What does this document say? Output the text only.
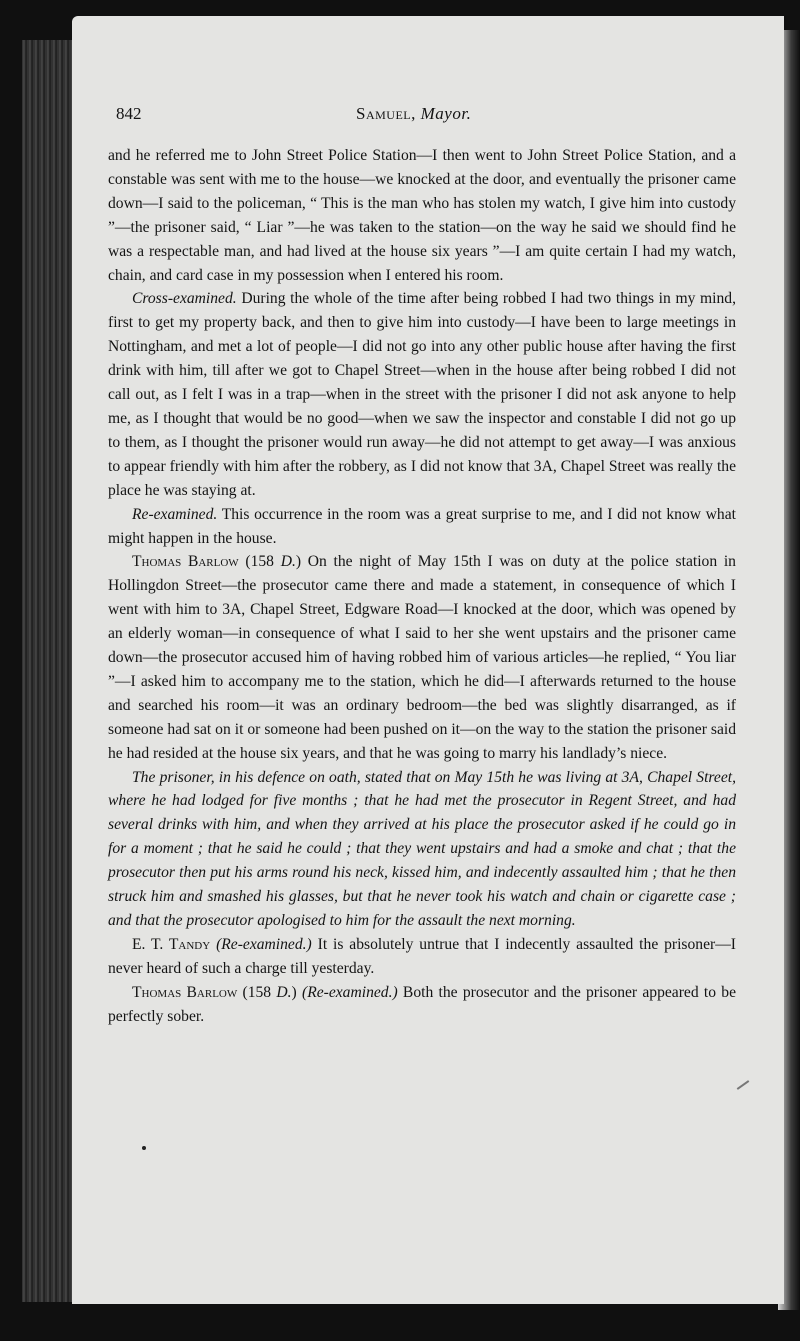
842	Samuel, Mayor.

and he referred me to John Street Police Station—I then went to John Street Police Station, and a constable was sent with me to the house—we knocked at the door, and eventually the prisoner came down—I said to the policeman, “ This is the man who has stolen my watch, I give him into custody ”—the prisoner said, “ Liar ”—he was taken to the station—on the way he said we should find he was a respectable man, and had lived at the house six years ”—I am quite certain I had my watch, chain, and card case in my possession when I entered his room.

Cross-examined. During the whole of the time after being robbed I had two things in my mind, first to get my property back, and then to give him into custody—I have been to large meetings in Nottingham, and met a lot of people—I did not go into any other public house after having the first drink with him, till after we got to Chapel Street—when in the house after being robbed I did not call out, as I felt I was in a trap—when in the street with the prisoner I did not ask anyone to help me, as I thought that would be no good—when we saw the inspector and constable I did not go up to them, as I thought the prisoner would run away—he did not attempt to get away—I was anxious to appear friendly with him after the robbery, as I did not know that 3A, Chapel Street was really the place he was staying at.

Re-examined. This occurrence in the room was a great surprise to me, and I did not know what might happen in the house.

Thomas Barlow (158 D.) On the night of May 15th I was on duty at the police station in Hollingdon Street—the prosecutor came there and made a statement, in consequence of which I went with him to 3A, Chapel Street, Edgware Road—I knocked at the door, which was opened by an elderly woman—in consequence of what I said to her she went upstairs and the prisoner came down—the prosecutor accused him of having robbed him of various articles—he replied, “ You liar ”—I asked him to accompany me to the station, which he did—I afterwards returned to the house and searched his room—it was an ordinary bedroom—the bed was slightly disarranged, as if someone had sat on it or someone had been pushed on it—on the way to the station the prisoner said he had resided at the house six years, and that he was going to marry his landlady’s niece.

The prisoner, in his defence on oath, stated that on May 15th he was living at 3A, Chapel Street, where he had lodged for five months ; that he had met the prosecutor in Regent Street, and had several drinks with him, and when they arrived at his place the prosecutor asked if he could go in for a moment ; that he said he could ; that they went upstairs and had a smoke and chat ; that the prosecutor then put his arms round his neck, kissed him, and indecently assaulted him ; that he then struck him and smashed his glasses, but that he never took his watch and chain or cigarette case ; and that the prosecutor apologised to him for the assault the next morning.

E. T. Tandy (Re-examined.) It is absolutely untrue that I indecently assaulted the prisoner—I never heard of such a charge till yesterday.

Thomas Barlow (158 D.) (Re-examined.) Both the prosecutor and the prisoner appeared to be perfectly sober.
